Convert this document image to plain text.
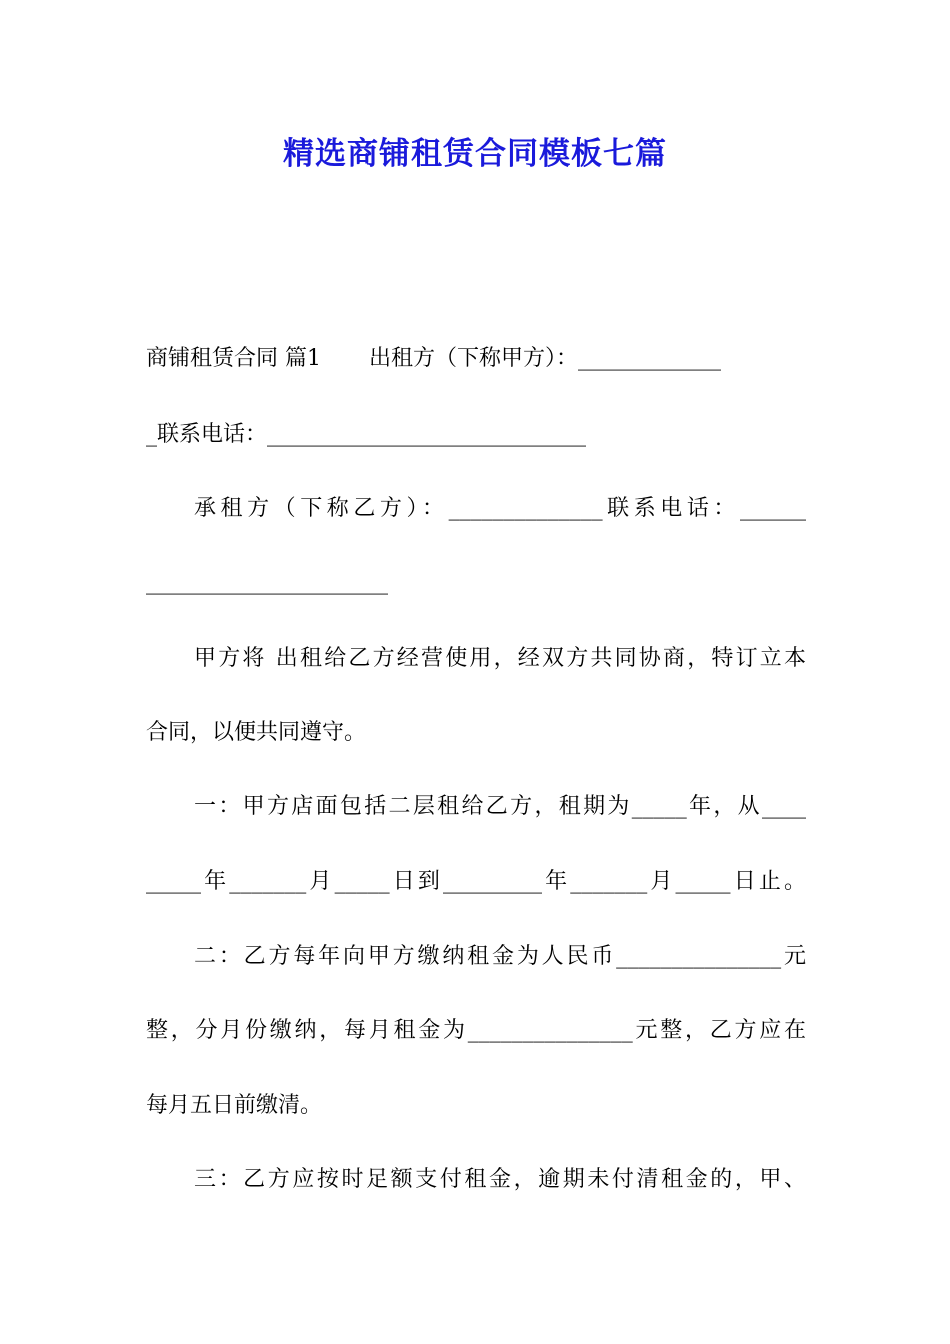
精选商铺租赁合同模板七篇
商铺租赁合同 篇1 出租方（下称甲方）：_____________
_联系电话：_____________________________
承租方（下称乙方）：______________联系电话：______
______________________
甲方将 出租给乙方经营使用，经双方共同协商，特订立本
合同，以便共同遵守。
一：甲方店面包括二层租给乙方，租期为_____年，从____
_____年_______月_____日到_________年_______月_____日止。
二：乙方每年向甲方缴纳租金为人民币_______________元
整，分月份缴纳，每月租金为_______________元整，乙方应在
每月五日前缴清。
三：乙方应按时足额支付租金，逾期未付清租金的，甲、
